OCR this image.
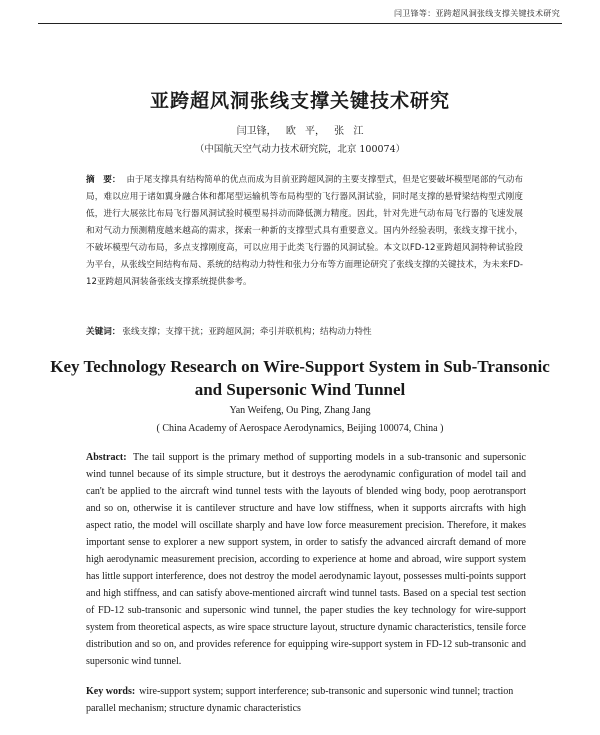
闫卫锋等：亚跨超风洞张线支撑关键技术研究
亚跨超风洞张线支撑关键技术研究
闫卫锋， 欧 平， 张 江
（中国航天空气动力技术研究院，北京 100074）
摘　要： 由于尾支撑具有结构简单的优点而成为目前亚跨超风洞的主要支撑型式，但是它要破坏模型尾部的气动布局，难以应用于诸如翼身融合体和都尾型运输机等布局构型的飞行器风洞试验，同时尾支撑的悬臂梁结构型式刚度低，进行大展弦比布局飞行器风洞试验时模型易抖动而降低测力精度。因此，针对先进气动布局飞行器的飞速发展和对气动力预测精度越来越高的需求，探索一种新的支撑型式具有重要意义。国内外经验表明，张线支撑干扰小，不破坏模型气动布局，多点支撑刚度高，可以应用于此类飞行器的风洞试验。本文以FD-12亚跨超风洞特种试验段为平台，从张线空间结构布局、系统的结构动力特性和张力分布等方面理论研究了张线支撑的关键技术，为未来FD-12亚跨超风洞装备张线支撑系统提供参考。
关键词： 张线支撑；支撑干扰；亚跨超风洞；牵引并联机构；结构动力特性
Key Technology Research on Wire-Support System in Sub-Transonic and Supersonic Wind Tunnel
Yan Weifeng, Ou Ping, Zhang Jang
( China Academy of Aerospace Aerodynamics, Beijing 100074, China )
Abstract: The tail support is the primary method of supporting models in a sub-transonic and supersonic wind tunnel because of its simple structure, but it destroys the aerodynamic configuration of model tail and can't be applied to the aircraft wind tunnel tests with the layouts of blended wing body, poop aerotransport and so on, otherwise it is cantilever structure and have low stiffness, when it supports aircrafts with high aspect ratio, the model will oscillate sharply and have low force measurement precision. Therefore, it makes important sense to explorer a new support system, in order to satisfy the advanced aircraft demand of more high aerodynamic measurement precision, according to experience at home and abroad, wire support system has little support interference, does not destroy the model aerodynamic layout, possesses multi-points support and high stiffness, and can satisfy above-mentioned aircraft wind tunnel tasts. Based on a special test section of FD-12 sub-transonic and supersonic wind tunnel, the paper studies the key technology for wire-support system from theoretical aspects, as wire space structure layout, structure dynamic characteristics, tensile force distribution and so on, and provides reference for equipping wire-support system in FD-12 sub-transonic and supersonic wind tunnel.
Key words: wire-support system; support interference; sub-transonic and supersonic wind tunnel; traction parallel mechanism; structure dynamic characteristics
